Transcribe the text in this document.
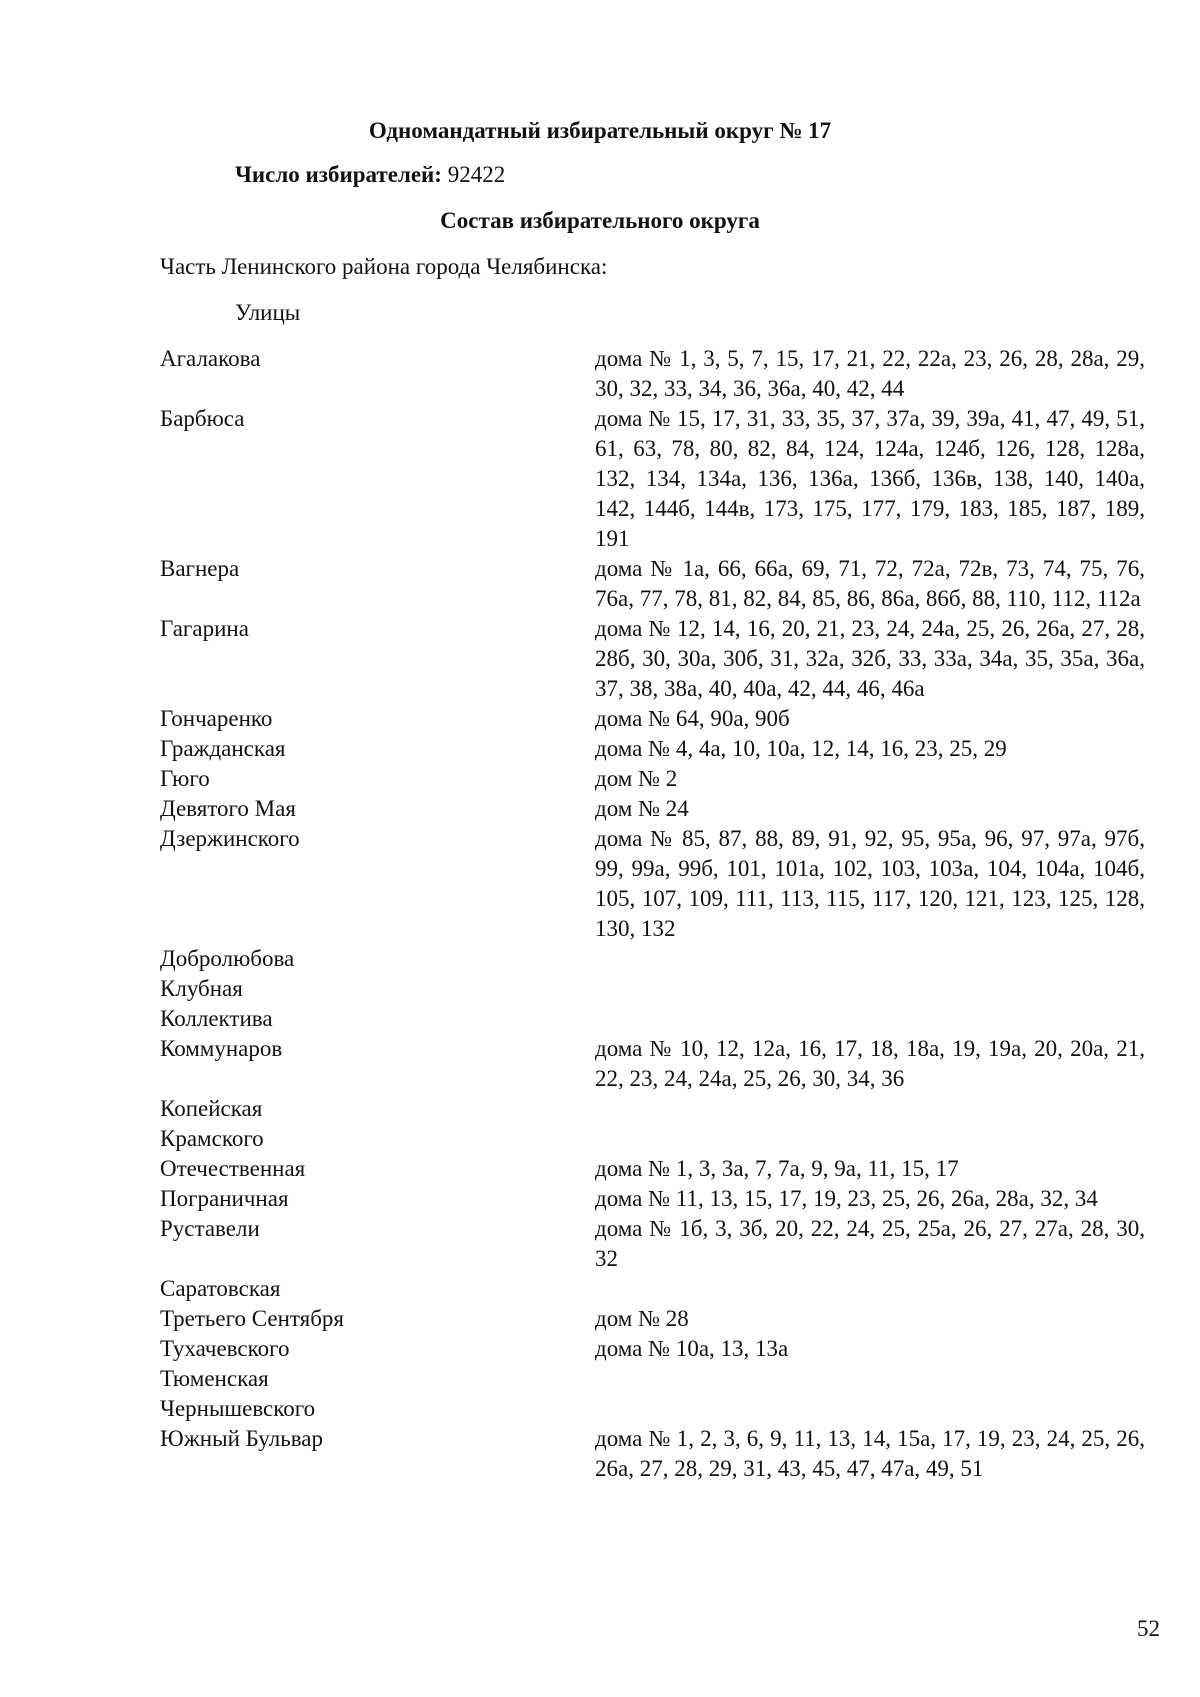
Одномандатный избирательный округ № 17
Число избирателей: 92422
Состав избирательного округа
Часть Ленинского района города Челябинска:
Улицы
Агалакова	дома № 1, 3, 5, 7, 15, 17, 21, 22, 22а, 23, 26, 28, 28а, 29, 30, 32, 33, 34, 36, 36а, 40, 42, 44
Барбюса	дома № 15, 17, 31, 33, 35, 37, 37а, 39, 39а, 41, 47, 49, 51, 61, 63, 78, 80, 82, 84, 124, 124а, 124б, 126, 128, 128а, 132, 134, 134а, 136, 136а, 136б, 136в, 138, 140, 140а, 142, 144б, 144в, 173, 175, 177, 179, 183, 185, 187, 189, 191
Вагнера	дома № 1а, 66, 66а, 69, 71, 72, 72а, 72в, 73, 74, 75, 76, 76а, 77, 78, 81, 82, 84, 85, 86, 86а, 86б, 88, 110, 112, 112а
Гагарина	дома № 12, 14, 16, 20, 21, 23, 24, 24а, 25, 26, 26а, 27, 28, 28б, 30, 30а, 30б, 31, 32а, 32б, 33, 33а, 34а, 35, 35а, 36а, 37, 38, 38а, 40, 40а, 42, 44, 46, 46а
Гончаренко	дома № 64, 90а, 90б
Гражданская	дома № 4, 4а, 10, 10а, 12, 14, 16, 23, 25, 29
Гюго	дом № 2
Девятого Мая	дом № 24
Дзержинского	дома № 85, 87, 88, 89, 91, 92, 95, 95а, 96, 97, 97а, 97б, 99, 99а, 99б, 101, 101а, 102, 103, 103а, 104, 104а, 104б, 105, 107, 109, 111, 113, 115, 117, 120, 121, 123, 125, 128, 130, 132
Добролюбова
Клубная
Коллектива
Коммунаров	дома № 10, 12, 12а, 16, 17, 18, 18а, 19, 19а, 20, 20а, 21, 22, 23, 24, 24а, 25, 26, 30, 34, 36
Копейская
Крамского
Отечественная	дома № 1, 3, 3а, 7, 7а, 9, 9а, 11, 15, 17
Пограничная	дома № 11, 13, 15, 17, 19, 23, 25, 26, 26а, 28а, 32, 34
Руставели	дома № 1б, 3, 3б, 20, 22, 24, 25, 25а, 26, 27, 27а, 28, 30, 32
Саратовская
Третьего Сентября	дом № 28
Тухачевского	дома № 10а, 13, 13а
Тюменская
Чернышевского
Южный Бульвар	дома № 1, 2, 3, 6, 9, 11, 13, 14, 15а, 17, 19, 23, 24, 25, 26, 26а, 27, 28, 29, 31, 43, 45, 47, 47а, 49, 51
52
